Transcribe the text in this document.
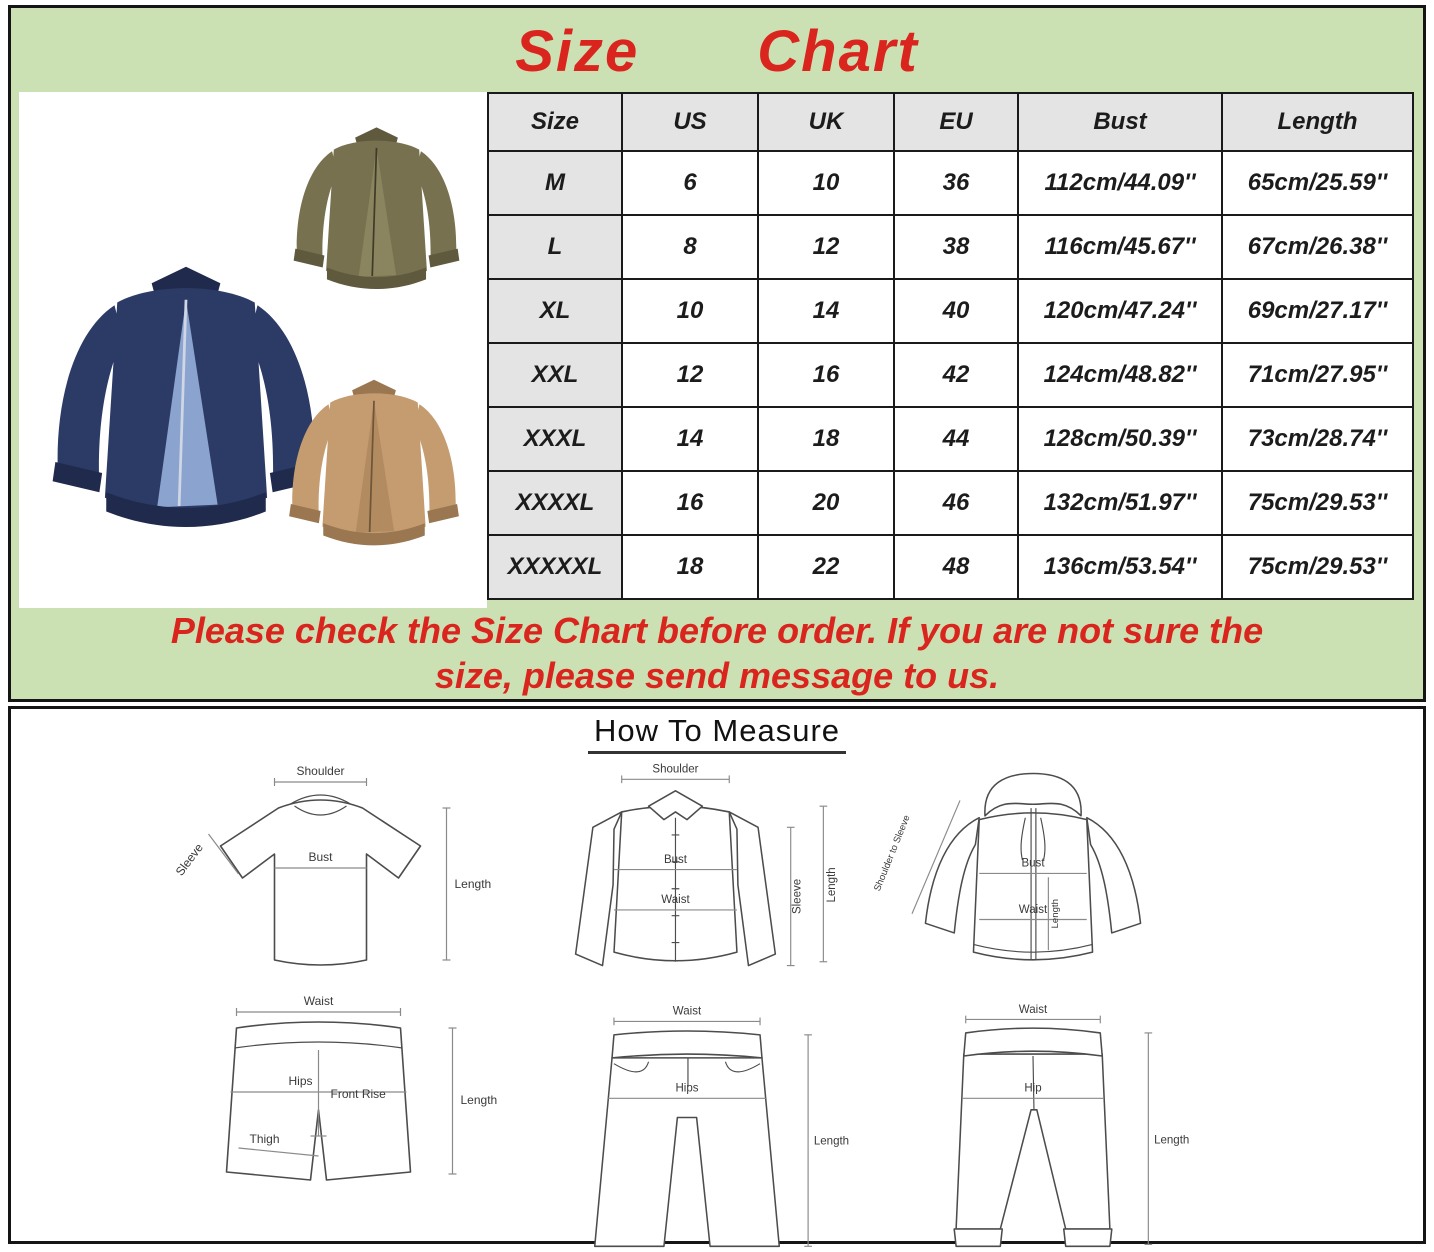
Size Chart
Size	US	UK	EU	Bust	Length
M	6	10	36	112cm/44.09''	65cm/25.59''
L	8	12	38	116cm/45.67''	67cm/26.38''
XL	10	14	40	120cm/47.24''	69cm/27.17''
XXL	12	16	42	124cm/48.82''	71cm/27.95''
XXXL	14	18	44	128cm/50.39''	73cm/28.74''
XXXXL	16	20	46	132cm/51.97''	75cm/29.53''
XXXXXL	18	22	48	136cm/53.54''	75cm/29.53''
Please check the Size Chart before order. If you are not sure the
size, please send message to us.
How To Measure
Shoulder
Sleeve	Bust
Length
Waist
Hips
Front Rise
Thigh
Length
Shoulder
Bust
Waist	Sleeve Length
Waist
Hips
Length
Shoulder to Sleeve	Bust
Length
Waist
Waist
Hip
Length
